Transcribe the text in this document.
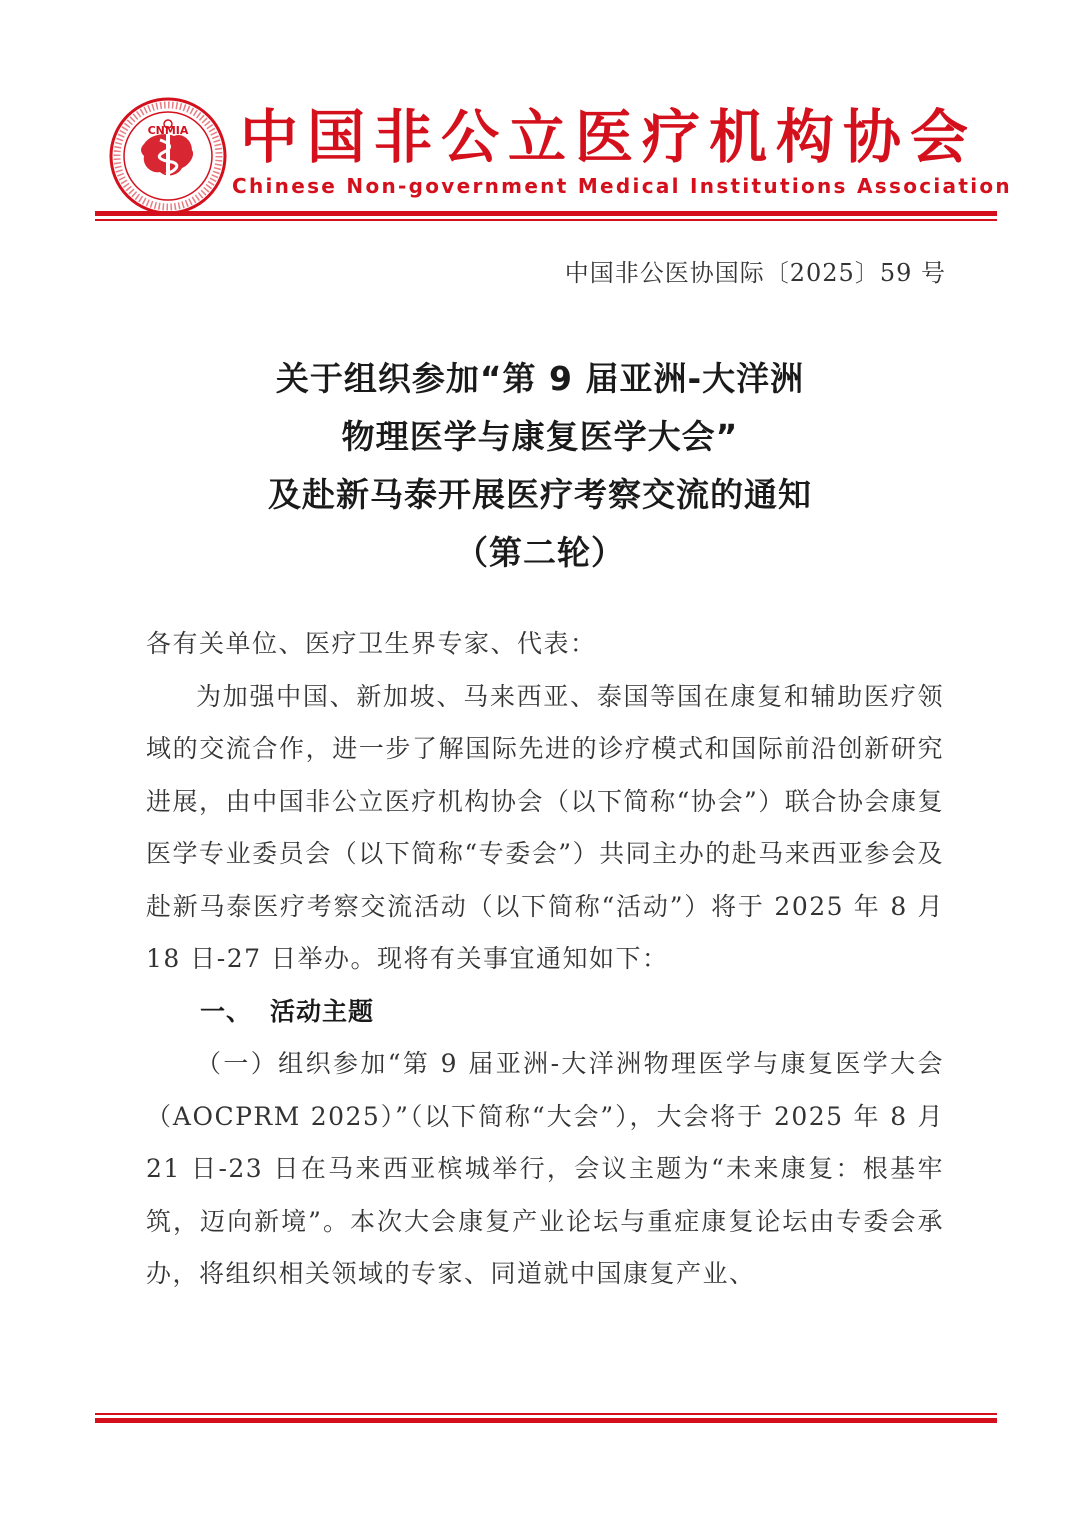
CNMIA 中国非公立医疗机构协会
Chinese Non-government Medical Institutions Association
中国非公医协国际〔2025〕59 号
关于组织参加“第 9 届亚洲-大洋洲
物理医学与康复医学大会”
及赴新马泰开展医疗考察交流的通知
（第二轮）

各有关单位、医疗卫生界专家、代表：

为加强中国、新加坡、马来西亚、泰国等国在康复和辅助医疗领域的交流合作，进一步了解国际先进的诊疗模式和国际前沿创新研究进展，由中国非公立医疗机构协会（以下简称“协会”）联合协会康复医学专业委员会（以下简称“专委会”）共同主办的赴马来西亚参会及赴新马泰医疗考察交流活动（以下简称“活动”）将于 2025 年 8 月 18 日-27 日举办。现将有关事宜通知如下：

一、 活动主题

（一）组织参加“第 9 届亚洲-大洋洲物理医学与康复医学大会（AOCPRM 2025）”（以下简称“大会”），大会将于 2025 年 8 月 21 日-23 日在马来西亚槟城举行，会议主题为“未来康复：根基牢筑，迈向新境”。本次大会康复产业论坛与重症康复论坛由专委会承办，将组织相关领域的专家、同道就中国康复产业、
